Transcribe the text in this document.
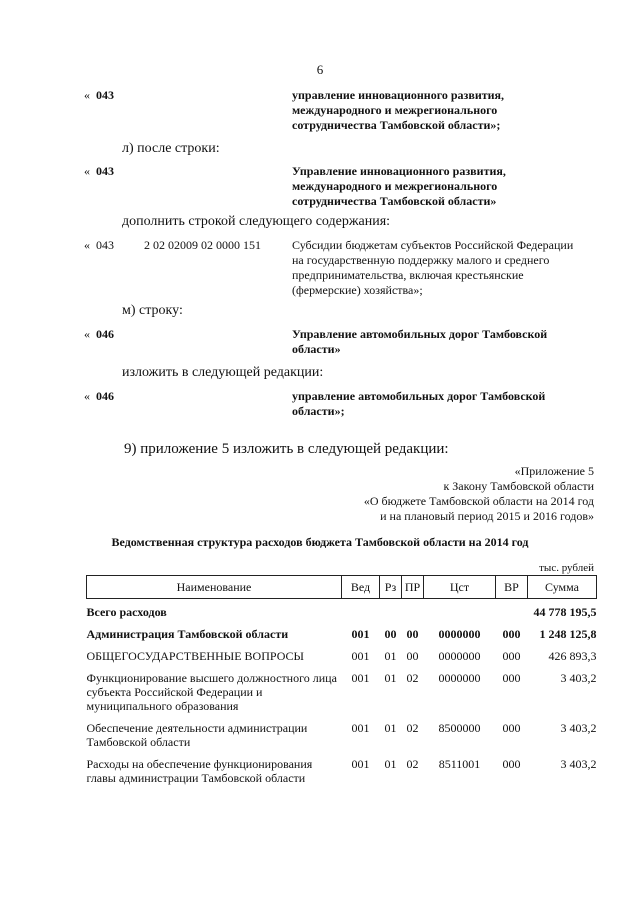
6
« 043	управление инновационного развития, международного и межрегионального сотрудничества Тамбовской области»;
л) после строки:
« 043	Управление инновационного развития, международного и межрегионального сотрудничества Тамбовской области»
дополнить строкой следующего содержания:
« 043	2 02 02009 02 0000 151	Субсидии бюджетам субъектов Российской Федерации на государственную поддержку малого и среднего предпринимательства, включая крестьянские (фермерские) хозяйства»;
м) строку:
« 046	Управление автомобильных дорог Тамбовской области»
изложить в следующей редакции:
« 046	управление автомобильных дорог Тамбовской области»;
9) приложение 5 изложить в следующей редакции:
«Приложение 5
к Закону Тамбовской области
«О бюджете Тамбовской области на 2014 год
и на плановый период 2015 и 2016 годов»
Ведомственная структура расходов бюджета Тамбовской области на 2014 год
тыс. рублей
Наименование	Вед	Рз	ПР	Цст	ВР	Сумма
Всего расходов						44 778 195,5
Администрация Тамбовской области	001	00	00	0000000	000	1 248 125,8
ОБЩЕГОСУДАРСТВЕННЫЕ ВОПРОСЫ	001	01	00	0000000	000	426 893,3
Функционирование высшего должностного лица субъекта Российской Федерации и муниципального образования	001	01	02	0000000	000	3 403,2
Обеспечение деятельности администрации Тамбовской области	001	01	02	8500000	000	3 403,2
Расходы на обеспечение функционирования главы администрации Тамбовской области	001	01	02	8511001	000	3 403,2
